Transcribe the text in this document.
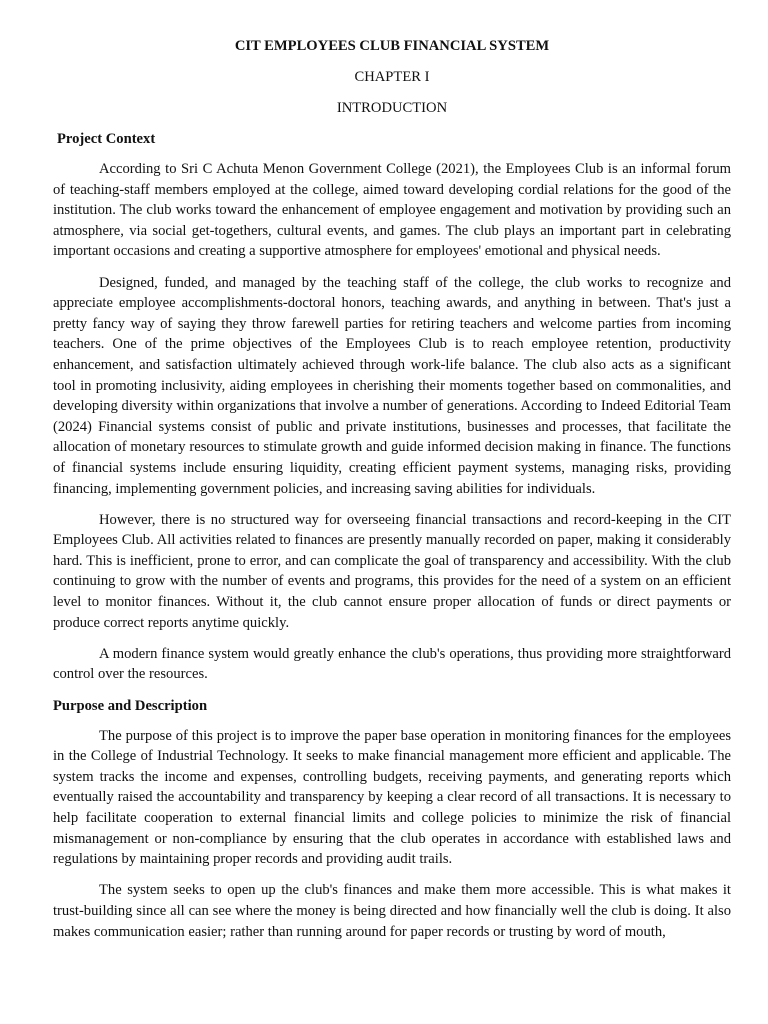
CIT EMPLOYEES CLUB FINANCIAL SYSTEM
CHAPTER I
INTRODUCTION
Project Context

According to Sri C Achuta Menon Government College (2021), the Employees Club is an informal forum of teaching-staff members employed at the college, aimed toward developing cordial relations for the good of the institution. The club works toward the enhancement of employee engagement and motivation by providing such an atmosphere, via social get-togethers, cultural events, and games. The club plays an important part in celebrating important occasions and creating a supportive atmosphere for employees' emotional and physical needs.

Designed, funded, and managed by the teaching staff of the college, the club works to recognize and appreciate employee accomplishments-doctoral honors, teaching awards, and anything in between. That's just a pretty fancy way of saying they throw farewell parties for retiring teachers and welcome parties from incoming teachers. One of the prime objectives of the Employees Club is to reach employee retention, productivity enhancement, and satisfaction ultimately achieved through work-life balance. The club also acts as a significant tool in promoting inclusivity, aiding employees in cherishing their moments together based on commonalities, and developing diversity within organizations that involve a number of generations. According to Indeed Editorial Team (2024) Financial systems consist of public and private institutions, businesses and processes, that facilitate the allocation of monetary resources to stimulate growth and guide informed decision making in finance. The functions of financial systems include ensuring liquidity, creating efficient payment systems, managing risks, providing financing, implementing government policies, and increasing saving abilities for individuals.

However, there is no structured way for overseeing financial transactions and record-keeping in the CIT Employees Club. All activities related to finances are presently manually recorded on paper, making it considerably hard. This is inefficient, prone to error, and can complicate the goal of transparency and accessibility. With the club continuing to grow with the number of events and programs, this provides for the need of a system on an efficient level to monitor finances. Without it, the club cannot ensure proper allocation of funds or direct payments or produce correct reports anytime quickly.

A modern finance system would greatly enhance the club's operations, thus providing more straightforward control over the resources.

Purpose and Description

The purpose of this project is to improve the paper base operation in monitoring finances for the employees in the College of Industrial Technology. It seeks to make financial management more efficient and applicable. The system tracks the income and expenses, controlling budgets, receiving payments, and generating reports which eventually raised the accountability and transparency by keeping a clear record of all transactions. It is necessary to help facilitate cooperation to external financial limits and college policies to minimize the risk of financial mismanagement or non-compliance by ensuring that the club operates in accordance with established laws and regulations by maintaining proper records and providing audit trails.

The system seeks to open up the club's finances and make them more accessible. This is what makes it trust-building since all can see where the money is being directed and how financially well the club is doing. It also makes communication easier; rather than running around for paper records or trusting by word of mouth,
